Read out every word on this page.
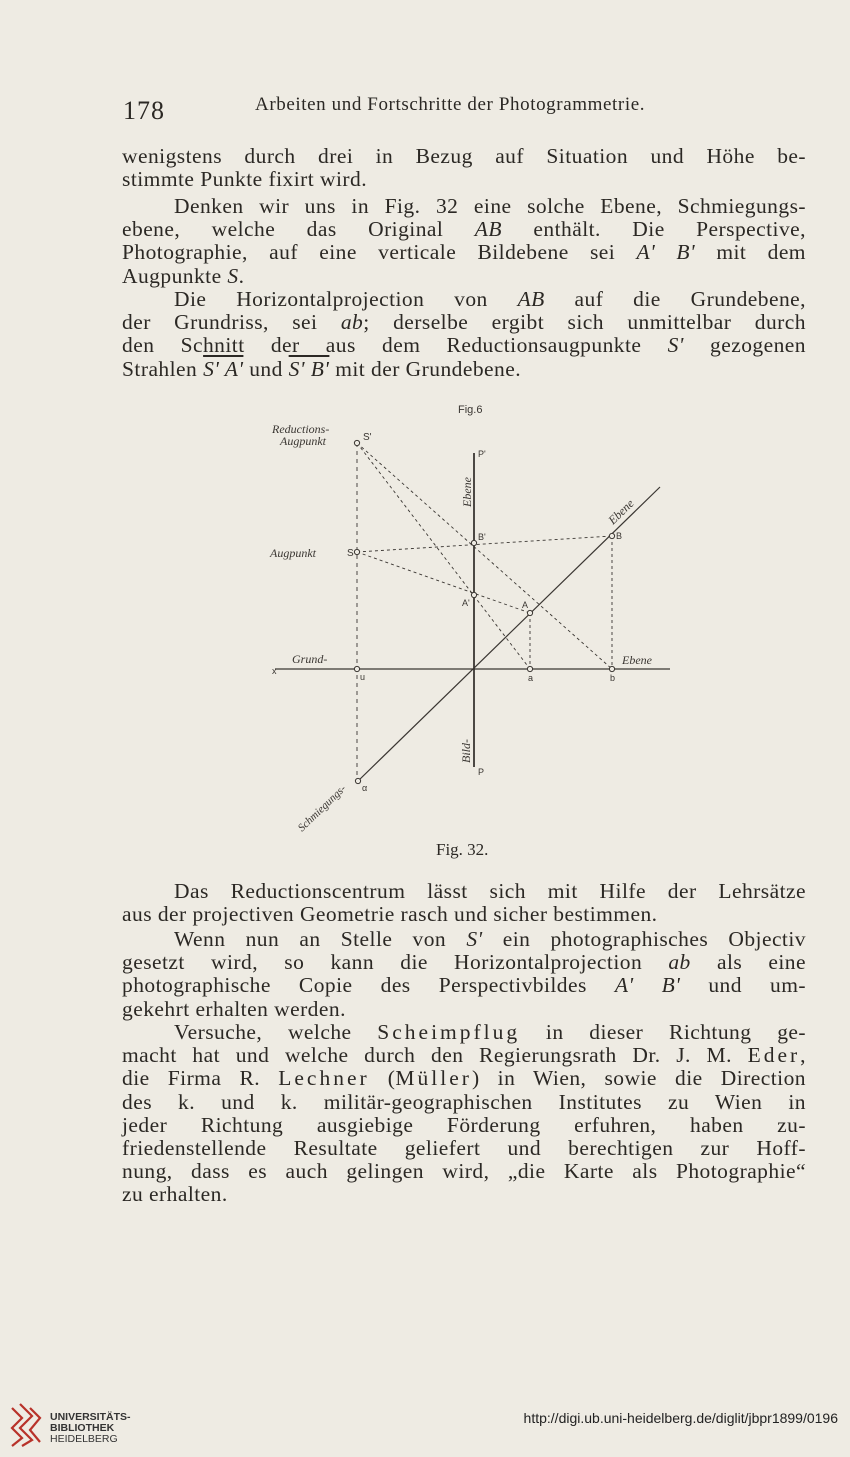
178	Arbeiten und Fortschritte der Photogrammetrie.

wenigstens durch drei in Bezug auf Situation und Höhe be-
stimmte Punkte fixirt wird.

Denken wir uns in Fig. 32 eine solche Ebene, Schmiegungs-
ebene, welche das Original AB enthält. Die Perspective,
Photographie, auf eine verticale Bildebene sei A' B' mit dem
Augpunkte S.

Die Horizontalprojection von AB auf die Grundebene,
der Grundriss, sei ab; derselbe ergibt sich unmittelbar durch
den Schnitt der aus dem Reductionsaugpunkte S' gezogenen
Strahlen S' A' und S' B' mit der Grundebene.

Fig.6
Reductions-
Augpunkt	S'
Augpunkt	S
P'
Ebene
Ebene
B'	B
A'	A
x
Grund-	Ebene
u	a	b
Bild-
P
α
Schmiegungs-
Fig. 32.

Das Reductionscentrum lässt sich mit Hilfe der Lehrsätze
aus der projectiven Geometrie rasch und sicher bestimmen.

Wenn nun an Stelle von S' ein photographisches Objectiv
gesetzt wird, so kann die Horizontalprojection ab als eine
photographische Copie des Perspectivbildes A' B' und um-
gekehrt erhalten werden.

Versuche, welche Scheimpflug in dieser Richtung ge-
macht hat und welche durch den Regierungsrath Dr. J. M. Eder,
die Firma R. Lechner (Müller) in Wien, sowie die Direction
des k. und k. militär-geographischen Institutes zu Wien in
jeder Richtung ausgiebige Förderung erfuhren, haben zu-
friedenstellende Resultate geliefert und berechtigen zur Hoff-
nung, dass es auch gelingen wird, „die Karte als Photographie“
zu erhalten.

UNIVERSITÄTS-
BIBLIOTHEK
HEIDELBERG
http://digi.ub.uni-heidelberg.de/diglit/jbpr1899/0196
